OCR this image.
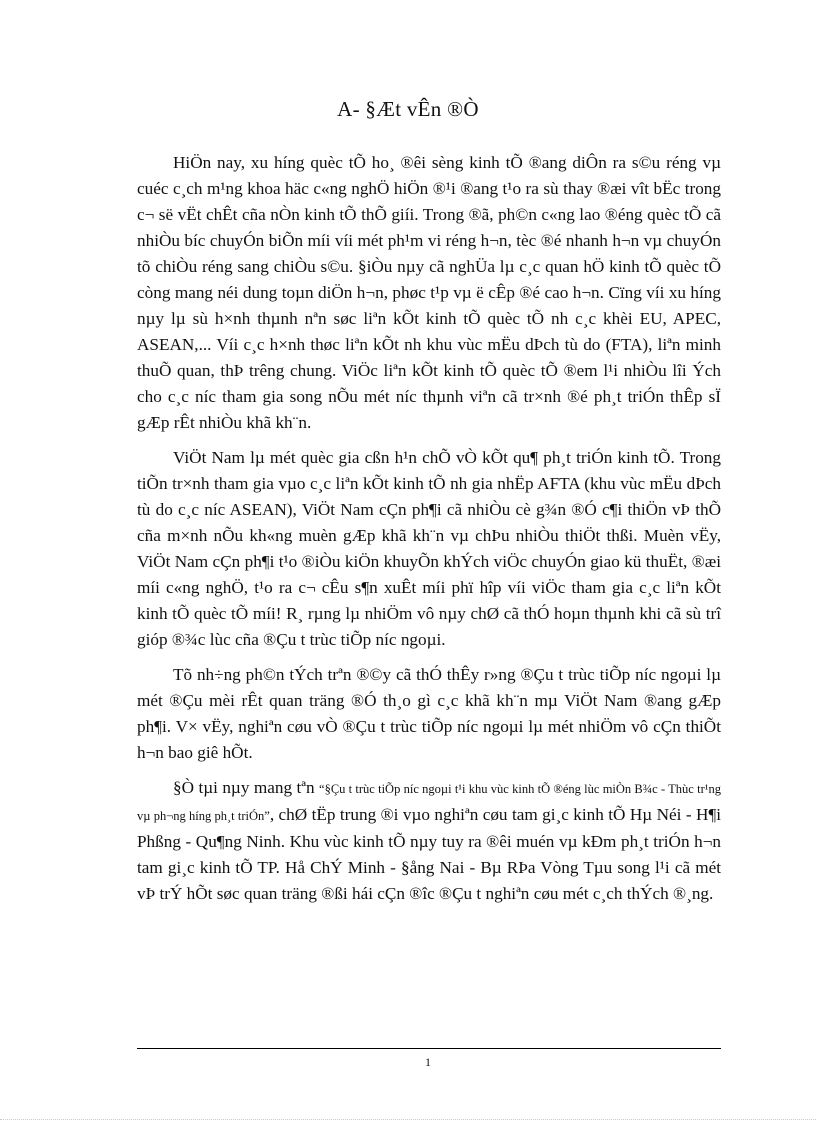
A- §Æt vÊn ®Ò

HiÖn nay, xu híng quèc tÕ ho¸ ®êi sèng kinh tÕ ®ang diÔn ra s©u réng vµ cuéc c¸ch m¹ng khoa häc c«ng nghÖ hiÖn ®¹i ®ang t¹o ra sù thay ®æi vît bËc trong c¬ së vËt chÊt cña nÒn kinh tÕ thÕ giíi. Trong ®ã, ph©n c«ng lao ®éng quèc tÕ cã nhiÒu bíc chuyÓn biÕn míi víi mét ph¹m vi réng h¬n, tèc ®é nhanh h¬n vµ chuyÓn tõ chiÒu réng sang chiÒu s©u. §iÒu nµy cã nghÜa lµ c¸c quan hÖ kinh tÕ quèc tÕ còng mang néi dung toµn diÖn h¬n, phøc t¹p vµ ë cÊp ®é cao h¬n. Cïng víi xu híng nµy lµ sù h×nh thµnh nªn søc liªn kÕt kinh tÕ quèc tÕ nh c¸c khèi EU, APEC, ASEAN,... Víi c¸c h×nh thøc liªn kÕt nh khu vùc mËu dÞch tù do (FTA), liªn minh thuÕ quan, thÞ trêng chung. ViÖc liªn kÕt kinh tÕ quèc tÕ ®em l¹i nhiÒu lîi Ých cho c¸c níc tham gia song nÕu mét níc thµnh viªn cã tr×nh ®é ph¸t triÓn thÊp sÏ gÆp rÊt nhiÒu khã kh¨n.

ViÖt Nam lµ mét quèc gia cßn h¹n chÕ vÒ kÕt qu¶ ph¸t triÓn kinh tÕ. Trong tiÕn tr×nh tham gia vµo c¸c liªn kÕt kinh tÕ nh gia nhËp AFTA (khu vùc mËu dÞch tù do c¸c níc ASEAN), ViÖt Nam cÇn ph¶i cã nhiÒu cè g¾n ®Ó c¶i thiÖn vÞ thÕ cña m×nh nÕu kh«ng muèn gÆp khã kh¨n vµ chÞu nhiÒu thiÖt thßi. Muèn vËy, ViÖt Nam cÇn ph¶i t¹o ®iÒu kiÖn khuyÕn khÝch viÖc chuyÓn giao kü thuËt, ®æi míi c«ng nghÖ, t¹o ra c¬ cÊu s¶n xuÊt míi phï hîp víi viÖc tham gia c¸c liªn kÕt kinh tÕ quèc tÕ míi! R¸ rµng lµ nhiÖm vô nµy chØ cã thÓ hoµn thµnh khi cã sù trî gióp ®¾c lùc cña ®Çu t trùc tiÕp níc ngoµi.

Tõ nh÷ng ph©n tÝch trªn ®©y cã thÓ thÊy r»ng ®Çu t trùc tiÕp níc ngoµi lµ mét ®Çu mèi rÊt quan träng ®Ó th¸o gì c¸c khã kh¨n mµ ViÖt Nam ®ang gÆp ph¶i. V× vËy, nghiªn cøu vÒ ®Çu t trùc tiÕp níc ngoµi lµ mét nhiÖm vô cÇn thiÕt h¬n bao giê hÕt.

§Ò tµi nµy mang tªn “§Çu t trùc tiÕp níc ngoµi t¹i khu vùc kinh tÕ ®éng lùc miÒn B¾c - Thùc tr¹ng vµ ph¬ng híng ph¸t triÓn”, chØ tËp trung ®i vµo nghiªn cøu tam gi¸c kinh tÕ Hµ Néi - H¶i Phßng - Qu¶ng Ninh. Khu vùc kinh tÕ nµy tuy ra ®êi muén vµ kÐm ph¸t triÓn h¬n tam gi¸c kinh tÕ TP. Hå ChÝ Minh - §ång Nai - Bµ RÞa Vòng Tµu song l¹i cã mét vÞ trÝ hÕt søc quan träng ®ßi hái cÇn ®îc ®Çu t nghiªn cøu mét c¸ch thÝch ®¸ng.

1
